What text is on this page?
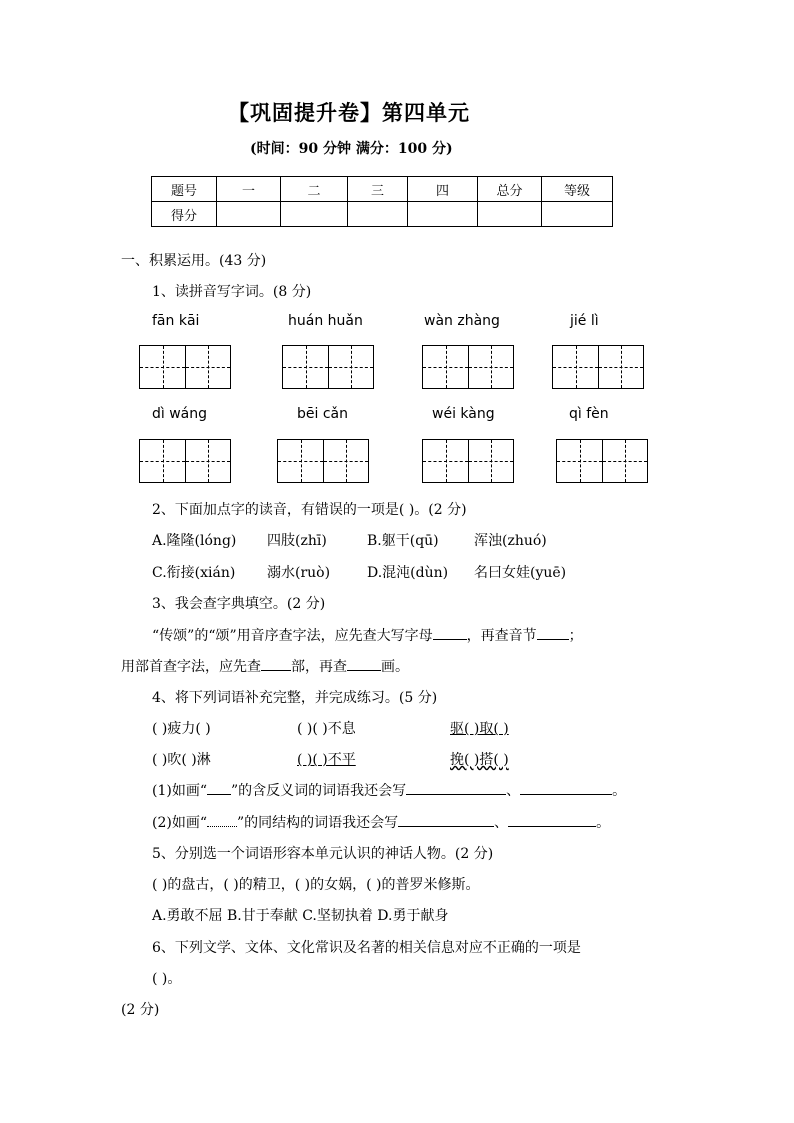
【巩固提升卷】第四单元
(时间：90 分钟 满分：100 分)
题号	一	二	三	四	总分	等级
得分						
一、积累运用。(43 分)
1、读拼音写字词。(8 分)
fān kāi	huán huǎn	wàn zhàng	jié lì
dì wáng	bēi cǎn	wéi kàng	qì fèn
2、下面加点字的读音，有错误的一项是( )。(2 分)
A.隆隆(lóng) 四肢(zhī)	B.躯干(qū)	浑浊(zhuó)
C.衔接(xián) 溺水(ruò)	D.混沌(dùn) 名曰女娃(yuē)
3、我会查字典填空。(2 分)
“传颂”的“颂”用音序查字法，应先查大写字母 ，再查音节 ；
用部首查字法，应先查 部，再查 画。
4、将下列词语补充完整，并完成练习。(5 分)
( )疲力( )	( )( )不息	驱( )取( )
( )吹( )淋	( )( )不平	挽( )搭( )
(1)如画“ ”的含反义词的词语我还会写	、	。
(2)如画“ ”的同结构的词语我还会写	、	。
5、分别选一个词语形容本单元认识的神话人物。(2 分)
( )的盘古，( )的精卫，( )的女娲，( )的普罗米修斯。
A.勇敢不屈 B.甘于奉献 C.坚韧执着 D.勇于献身
6、下列文学、文体、文化常识及名著的相关信息对应不正确的一项是
( )。
(2 分)
